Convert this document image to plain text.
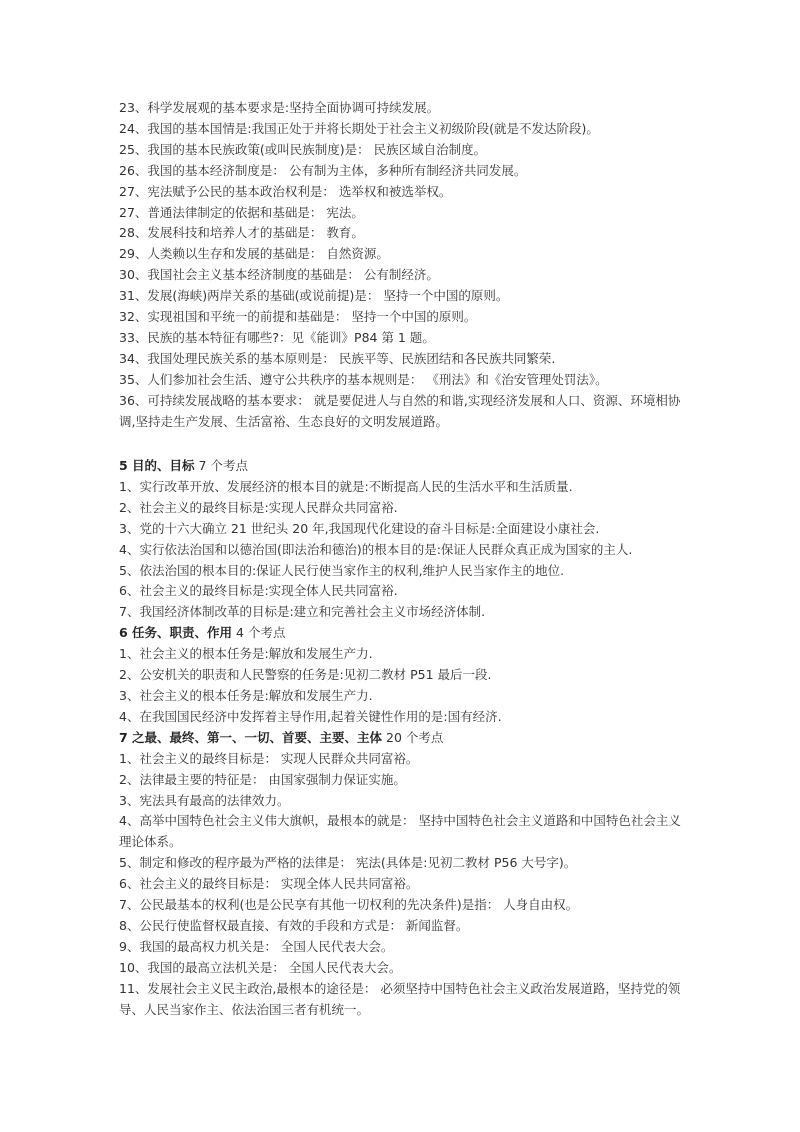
23、科学发展观的基本要求是:坚持全面协调可持续发展。
24、我国的基本国情是:我国正处于并将长期处于社会主义初级阶段(就是不发达阶段)。
25、我国的基本民族政策(或叫民族制度)是： 民族区域自治制度。
26、我国的基本经济制度是： 公有制为主体，多种所有制经济共同发展。
27、宪法赋予公民的基本政治权利是： 选举权和被选举权。
27、普通法律制定的依据和基础是： 宪法。
28、发展科技和培养人才的基础是： 教育。
29、人类赖以生存和发展的基础是： 自然资源。
30、我国社会主义基本经济制度的基础是： 公有制经济。
31、发展(海峡)两岸关系的基础(或说前提)是： 坚持一个中国的原则。
32、实现祖国和平统一的前提和基础是： 坚持一个中国的原则。
33、民族的基本特征有哪些?：见《能训》P84 第 1 题。
34、我国处理民族关系的基本原则是： 民族平等、民族团结和各民族共同繁荣.
35、人们参加社会生活、遵守公共秩序的基本规则是： 《刑法》和《治安管理处罚法》。
36、可持续发展战略的基本要求： 就是要促进人与自然的和谐,实现经济发展和人口、资源、环境相协调,坚持走生产发展、生活富裕、生态良好的文明发展道路。
5 目的、目标 7 个考点
1、实行改革开放、发展经济的根本目的就是:不断提高人民的生活水平和生活质量.
2、社会主义的最终目标是:实现人民群众共同富裕.
3、党的十六大确立 21 世纪头 20 年,我国现代化建设的奋斗目标是:全面建设小康社会.
4、实行依法治国和以德治国(即法治和德治)的根本目的是:保证人民群众真正成为国家的主人.
5、依法治国的根本目的:保证人民行使当家作主的权利,维护人民当家作主的地位.
6、社会主义的最终目标是:实现全体人民共同富裕.
7、我国经济体制改革的目标是:建立和完善社会主义市场经济体制.
6 任务、职责、作用 4 个考点
1、社会主义的根本任务是:解放和发展生产力.
2、公安机关的职责和人民警察的任务是:见初二教材 P51 最后一段.
3、社会主义的根本任务是:解放和发展生产力.
4、在我国国民经济中发挥着主导作用,起着关键性作用的是:国有经济.
7 之最、最终、第一、一切、首要、主要、主体 20 个考点
1、社会主义的最终目标是： 实现人民群众共同富裕。
2、法律最主要的特征是： 由国家强制力保证实施。
3、宪法具有最高的法律效力。
4、高举中国特色社会主义伟大旗帜，最根本的就是： 坚持中国特色社会主义道路和中国特色社会主义理论体系。
5、制定和修改的程序最为严格的法律是： 宪法(具体是:见初二教材 P56 大号字)。
6、社会主义的最终目标是： 实现全体人民共同富裕。
7、公民最基本的权利(也是公民享有其他一切权利的先决条件)是指： 人身自由权。
8、公民行使监督权最直接、有效的手段和方式是： 新闻监督。
9、我国的最高权力机关是： 全国人民代表大会。
10、我国的最高立法机关是： 全国人民代表大会。
11、发展社会主义民主政治,最根本的途径是： 必须坚持中国特色社会主义政治发展道路，坚持党的领导、人民当家作主、依法治国三者有机统一。
